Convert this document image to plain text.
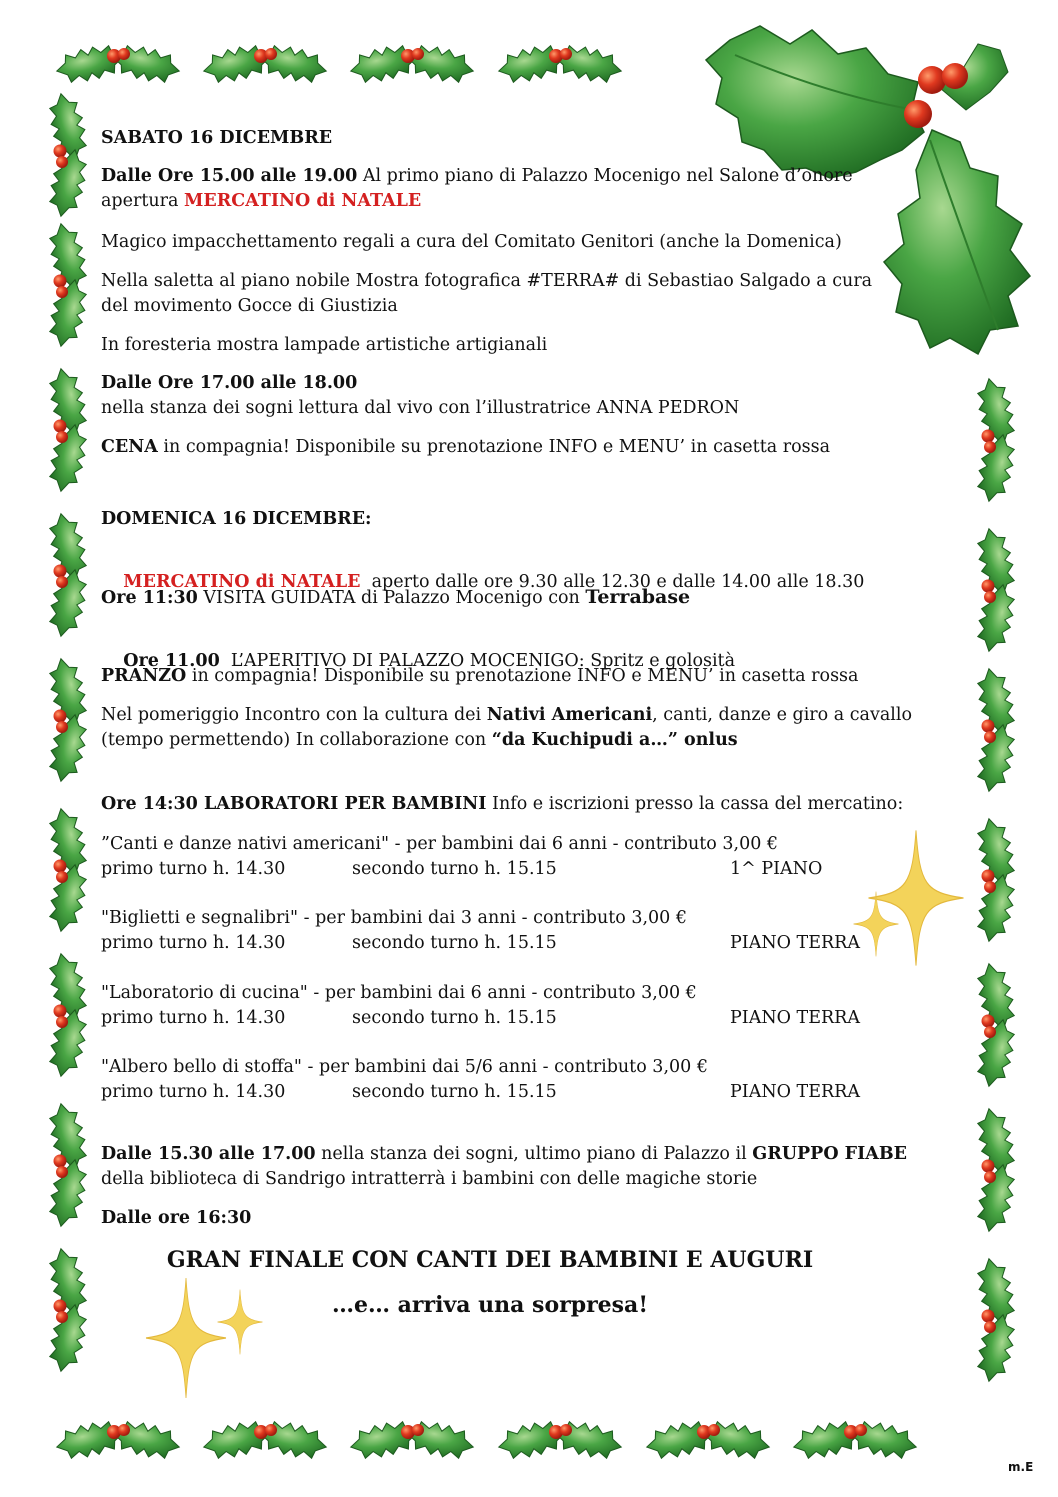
SABATO 16 DICEMBRE

Dalle Ore 15.00 alle 19.00 Al primo piano di Palazzo Mocenigo nel Salone d’onore
apertura MERCATINO di NATALE

Magico impacchettamento regali a cura del Comitato Genitori (anche la Domenica)

Nella saletta al piano nobile Mostra fotografica #TERRA# di Sebastiao Salgado a cura
del movimento Gocce di Giustizia

In foresteria mostra lampade artistiche artigianali

Dalle Ore 17.00 alle 18.00
nella stanza dei sogni lettura dal vivo con l’illustratrice ANNA PEDRON

CENA in compagnia! Disponibile su prenotazione INFO e MENU’ in casetta rossa

DOMENICA 16 DICEMBRE:

MERCATINO di NATALE  aperto dalle ore 9.30 alle 12.30 e dalle 14.00 alle 18.30

Ore 11:30 VISITA GUIDATA di Palazzo Mocenigo con Terrabase

Ore 11.00  L’APERITIVO DI PALAZZO MOCENIGO: Spritz e golosità

PRANZO in compagnia! Disponibile su prenotazione INFO e MENU’ in casetta rossa

Nel pomeriggio Incontro con la cultura dei Nativi Americani, canti, danze e giro a cavallo
(tempo permettendo) In collaborazione con “da Kuchipudi a…” onlus

Ore 14:30 LABORATORI PER BAMBINI Info e iscrizioni presso la cassa del mercatino:

”Canti e danze nativi americani" - per bambini dai 6 anni - contributo 3,00 €
primo turno h. 14.30	secondo turno h. 15.15	1^ PIANO
"Biglietti e segnalibri" - per bambini dai 3 anni - contributo 3,00 €
primo turno h. 14.30	secondo turno h. 15.15	PIANO TERRA
"Laboratorio di cucina" - per bambini dai 6 anni - contributo 3,00 €
primo turno h. 14.30	secondo turno h. 15.15	PIANO TERRA
"Albero bello di stoffa" - per bambini dai 5/6 anni - contributo 3,00 €
primo turno h. 14.30	secondo turno h. 15.15	PIANO TERRA

Dalle 15.30 alle 17.00 nella stanza dei sogni, ultimo piano di Palazzo il GRUPPO FIABE
della biblioteca di Sandrigo intratterrà i bambini con delle magiche storie

Dalle ore 16:30

GRAN FINALE CON CANTI DEI BAMBINI E AUGURI
…e… arriva una sorpresa!
m.E
